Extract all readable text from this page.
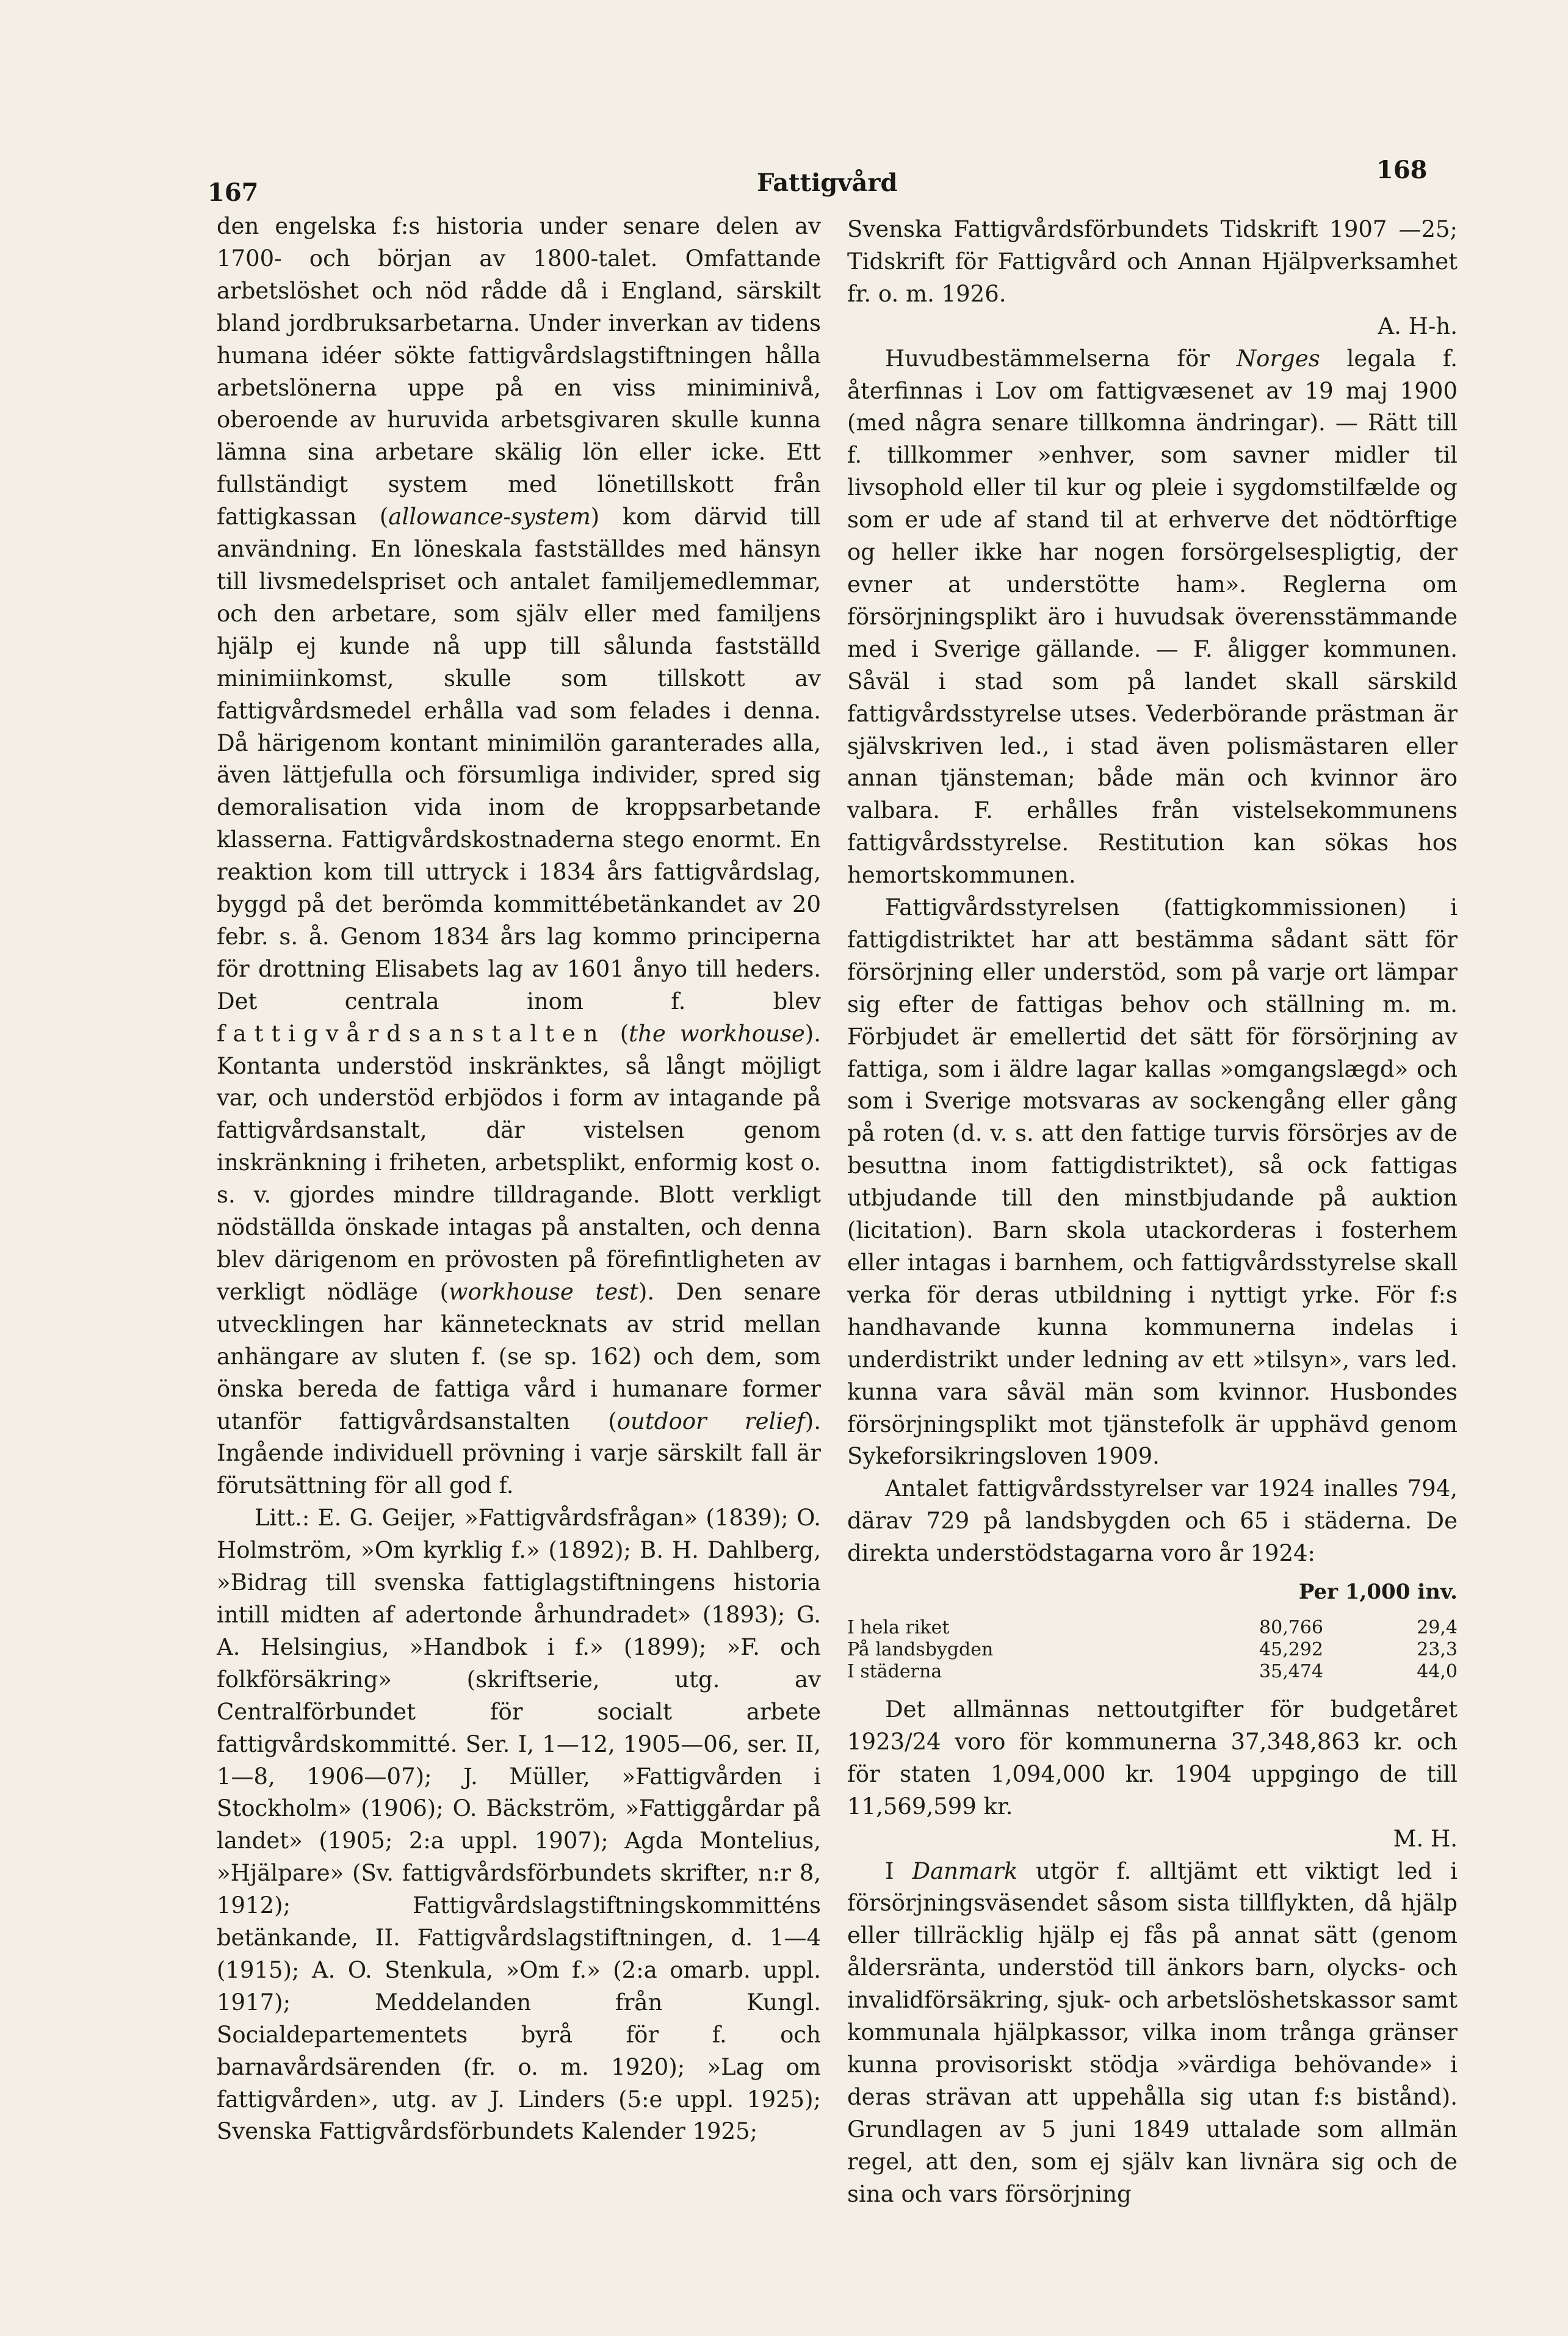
167	Fattigvård	168

den engelska f:s historia under senare delen av 1700- och början av 1800-talet. Omfattande arbetslöshet och nöd rådde då i England, särskilt bland jordbruksarbetarna. Under inverkan av tidens humana idéer sökte fattigvårdslagstiftningen hålla arbetslönerna uppe på en viss miniminivå, oberoende av huruvida arbetsgivaren skulle kunna lämna sina arbetare skälig lön eller icke. Ett fullständigt system med lönetillskott från fattigkassan (allowance-system) kom därvid till användning. En löneskala fastställdes med hänsyn till livsmedelspriset och antalet familjemedlemmar, och den arbetare, som själv eller med familjens hjälp ej kunde nå upp till sålunda fastställd minimiinkomst, skulle som tillskott av fattigvårdsmedel erhålla vad som felades i denna. Då härigenom kontant minimilön garanterades alla, även lättjefulla och försumliga individer, spred sig demoralisation vida inom de kroppsarbetande klasserna. Fattigvårdskostnaderna stego enormt. En reaktion kom till uttryck i 1834 års fattigvårdslag, byggd på det berömda kommittébetänkandet av 20 febr. s. å. Genom 1834 års lag kommo principerna för drottning Elisabets lag av 1601 ånyo till heders. Det centrala inom f. blev fattigvårdsanstalten (the workhouse). Kontanta understöd inskränktes, så långt möjligt var, och understöd erbjödos i form av intagande på fattigvårdsanstalt, där vistelsen genom inskränkning i friheten, arbetsplikt, enformig kost o. s. v. gjordes mindre tilldragande. Blott verkligt nödställda önskade intagas på anstalten, och denna blev därigenom en prövosten på förefintligheten av verkligt nödläge (workhouse test). Den senare utvecklingen har kännetecknats av strid mellan anhängare av sluten f. (se sp. 162) och dem, som önska bereda de fattiga vård i humanare former utanför fattigvårdsanstalten (outdoor relief). Ingående individuell prövning i varje särskilt fall är förutsättning för all god f.

Litt.: E. G. Geijer, »Fattigvårdsfrågan» (1839); O. Holmström, »Om kyrklig f.» (1892); B. H. Dahlberg, »Bidrag till svenska fattiglagstiftningens historia intill midten af adertonde århundradet» (1893); G. A. Helsingius, »Handbok i f.» (1899); »F. och folkförsäkring» (skriftserie, utg. av Centralförbundet för socialt arbete fattigvårdskommitté. Ser. I, 1—12, 1905—06, ser. II, 1—8, 1906—07); J. Müller, »Fattigvården i Stockholm» (1906); O. Bäckström, »Fattiggårdar på landet» (1905; 2:a uppl. 1907); Agda Montelius, »Hjälpare» (Sv. fattigvårdsförbundets skrifter, n:r 8, 1912); Fattigvårdslagstiftningskommitténs betänkande, II. Fattigvårdslagstiftningen, d. 1—4 (1915); A. O. Stenkula, »Om f.» (2:a omarb. uppl. 1917); Meddelanden från Kungl. Socialdepartementets byrå för f. och barnavårdsärenden (fr. o. m. 1920); »Lag om fattigvården», utg. av J. Linders (5:e uppl. 1925); Svenska Fattigvårdsförbundets Kalender 1925;

Svenska Fattigvårdsförbundets Tidskrift 1907 —25; Tidskrift för Fattigvård och Annan Hjälpverksamhet fr. o. m. 1926.

A. H-h.

Huvudbestämmelserna för Norges legala f. återfinnas i Lov om fattigvæsenet av 19 maj 1900 (med några senare tillkomna ändringar). — Rätt till f. tillkommer »enhver, som savner midler til livsophold eller til kur og pleie i sygdomstilfælde og som er ude af stand til at erhverve det nödtörftige og heller ikke har nogen forsörgelsespligtig, der evner at understötte ham». Reglerna om försörjningsplikt äro i huvudsak överensstämmande med i Sverige gällande. — F. åligger kommunen. Såväl i stad som på landet skall särskild fattigvårdsstyrelse utses. Vederbörande prästman är självskriven led., i stad även polismästaren eller annan tjänsteman; både män och kvinnor äro valbara. F. erhålles från vistelsekommunens fattigvårdsstyrelse. Restitution kan sökas hos hemortskommunen.

Fattigvårdsstyrelsen (fattigkommissionen) i fattigdistriktet har att bestämma sådant sätt för försörjning eller understöd, som på varje ort lämpar sig efter de fattigas behov och ställning m. m. Förbjudet är emellertid det sätt för försörjning av fattiga, som i äldre lagar kallas »omgangslægd» och som i Sverige motsvaras av sockengång eller gång på roten (d. v. s. att den fattige turvis försörjes av de besuttna inom fattigdistriktet), så ock fattigas utbjudande till den minstbjudande på auktion (licitation). Barn skola utackorderas i fosterhem eller intagas i barnhem, och fattigvårdsstyrelse skall verka för deras utbildning i nyttigt yrke. För f:s handhavande kunna kommunerna indelas i underdistrikt under ledning av ett »tilsyn», vars led. kunna vara såväl män som kvinnor. Husbondes försörjningsplikt mot tjänstefolk är upphävd genom Sykeforsikringsloven 1909.

Antalet fattigvårdsstyrelser var 1924 inalles 794, därav 729 på landsbygden och 65 i städerna. De direkta understödstagarna voro år 1924:

Per 1,000 inv.
I hela riket	80,766	29,4
På landsbygden	45,292	23,3
I städerna	35,474	44,0

Det allmännas nettoutgifter för budgetåret 1923/24 voro för kommunerna 37,348,863 kr. och för staten 1,094,000 kr. 1904 uppgingo de till 11,569,599 kr.

M. H.

I Danmark utgör f. alltjämt ett viktigt led i försörjningsväsendet såsom sista tillflykten, då hjälp eller tillräcklig hjälp ej fås på annat sätt (genom åldersränta, understöd till änkors barn, olycks- och invalidförsäkring, sjuk- och arbetslöshetskassor samt kommunala hjälpkassor, vilka inom trånga gränser kunna provisoriskt stödja »värdiga behövande» i deras strävan att uppehålla sig utan f:s bistånd). Grundlagen av 5 juni 1849 uttalade som allmän regel, att den, som ej själv kan livnära sig och de sina och vars försörjning
